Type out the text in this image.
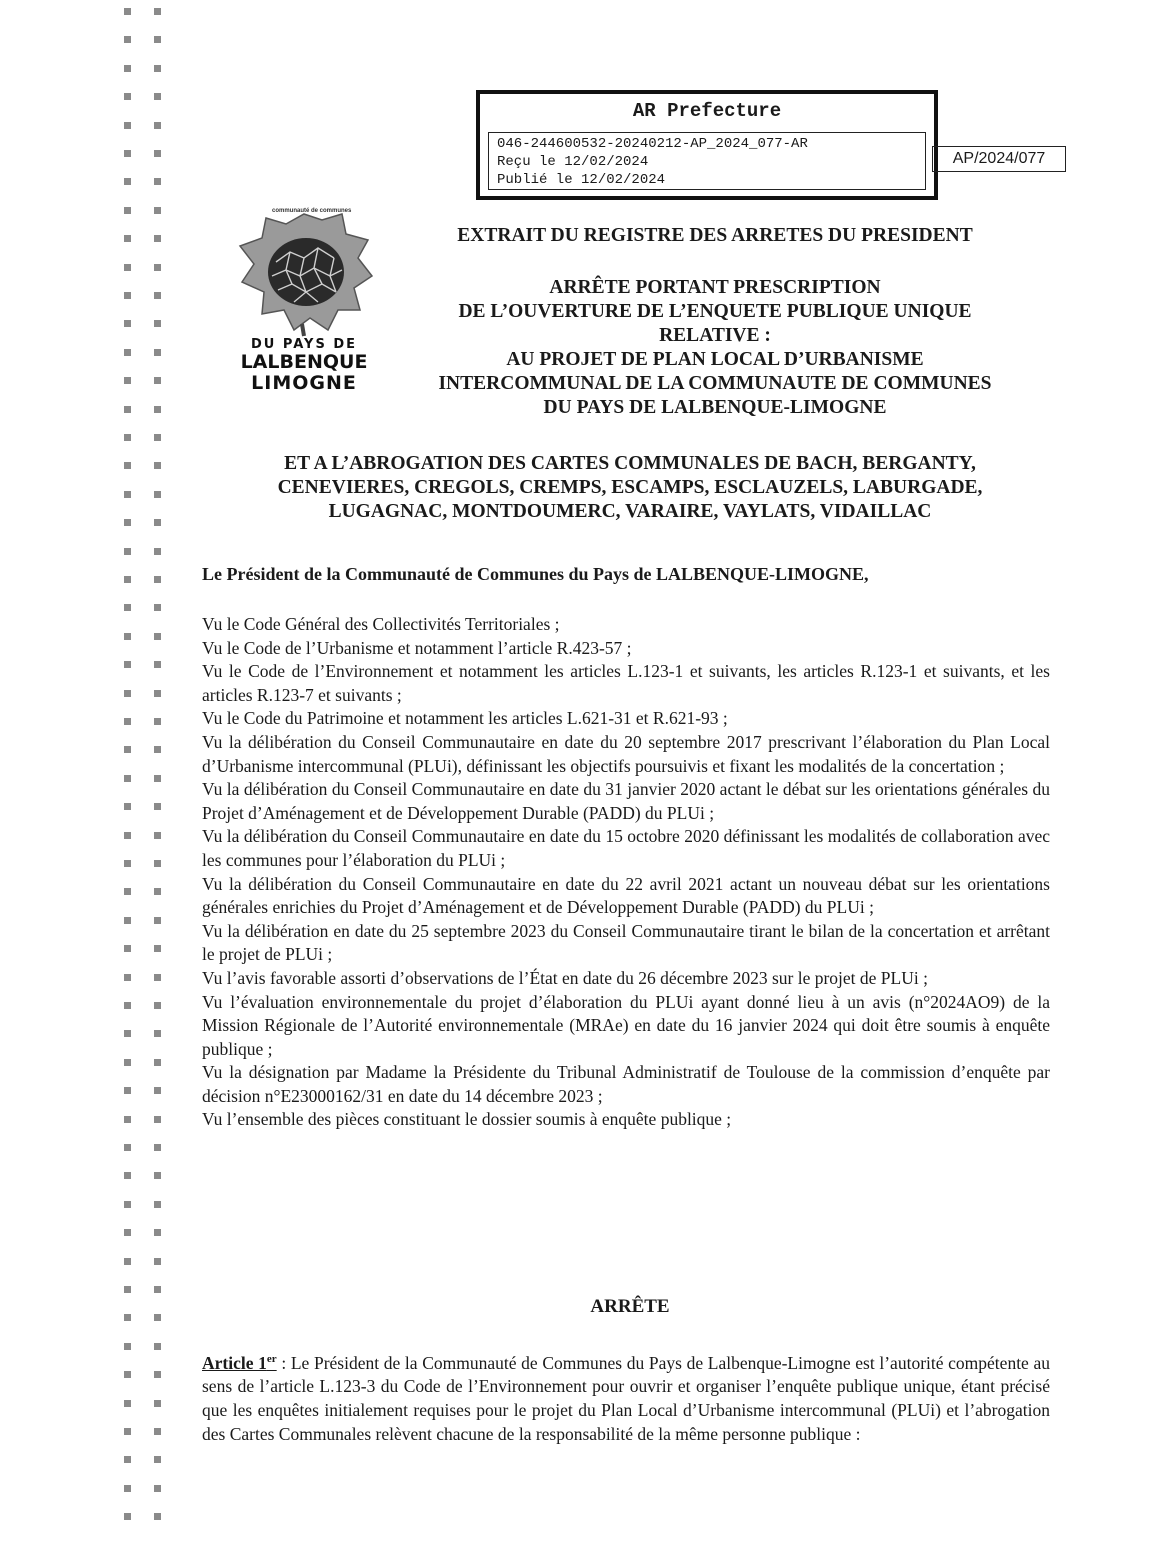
AR Prefecture
046-244600532-20240212-AP_2024_077-AR
Reçu le 12/02/2024
Publié le 12/02/2024
AP/2024/077
communauté de communes
DU PAYS DE
LALBENQUE
LIMOGNE
EXTRAIT DU REGISTRE DES ARRETES DU PRESIDENT
ARRÊTE PORTANT PRESCRIPTION
DE L’OUVERTURE DE L’ENQUETE PUBLIQUE UNIQUE
RELATIVE :
AU PROJET DE PLAN LOCAL D’URBANISME
INTERCOMMUNAL DE LA COMMUNAUTE DE COMMUNES
DU PAYS DE LALBENQUE-LIMOGNE
ET A L’ABROGATION DES CARTES COMMUNALES DE BACH, BERGANTY,
CENEVIERES, CREGOLS, CREMPS, ESCAMPS, ESCLAUZELS, LABURGADE,
LUGAGNAC, MONTDOUMERC, VARAIRE, VAYLATS, VIDAILLAC
Le Président de la Communauté de Communes du Pays de LALBENQUE-LIMOGNE,
Vu le Code Général des Collectivités Territoriales ;
Vu le Code de l’Urbanisme et notamment l’article R.423-57 ;
Vu le Code de l’Environnement et notamment les articles L.123-1 et suivants, les articles R.123-1 et suivants, et les articles R.123-7 et suivants ;
Vu le Code du Patrimoine et notamment les articles L.621-31 et R.621-93 ;
Vu la délibération du Conseil Communautaire en date du 20 septembre 2017 prescrivant l’élaboration du Plan Local d’Urbanisme intercommunal (PLUi), définissant les objectifs poursuivis et fixant les modalités de la concertation ;
Vu la délibération du Conseil Communautaire en date du 31 janvier 2020 actant le débat sur les orientations générales du Projet d’Aménagement et de Développement Durable (PADD) du PLUi ;
Vu la délibération du Conseil Communautaire en date du 15 octobre 2020 définissant les modalités de collaboration avec les communes pour l’élaboration du PLUi ;
Vu la délibération du Conseil Communautaire en date du 22 avril 2021 actant un nouveau débat sur les orientations générales enrichies du Projet d’Aménagement et de Développement Durable (PADD) du PLUi ;
Vu la délibération en date du 25 septembre 2023 du Conseil Communautaire tirant le bilan de la concertation et arrêtant le projet de PLUi ;
Vu l’avis favorable assorti d’observations de l’État en date du 26 décembre 2023 sur le projet de PLUi ;
Vu l’évaluation environnementale du projet d’élaboration du PLUi ayant donné lieu à un avis (n°2024AO9) de la Mission Régionale de l’Autorité environnementale (MRAe) en date du 16 janvier 2024 qui doit être soumis à enquête publique ;
Vu la désignation par Madame la Présidente du Tribunal Administratif de Toulouse de la commission d’enquête par décision n°E23000162/31 en date du 14 décembre 2023 ;
Vu l’ensemble des pièces constituant le dossier soumis à enquête publique ;
ARRÊTE
Article 1er : Le Président de la Communauté de Communes du Pays de Lalbenque-Limogne est l’autorité compétente au sens de l’article L.123-3 du Code de l’Environnement pour ouvrir et organiser l’enquête publique unique, étant précisé que les enquêtes initialement requises pour le projet du Plan Local d’Urbanisme intercommunal (PLUi) et l’abrogation des Cartes Communales relèvent chacune de la responsabilité de la même personne publique :
